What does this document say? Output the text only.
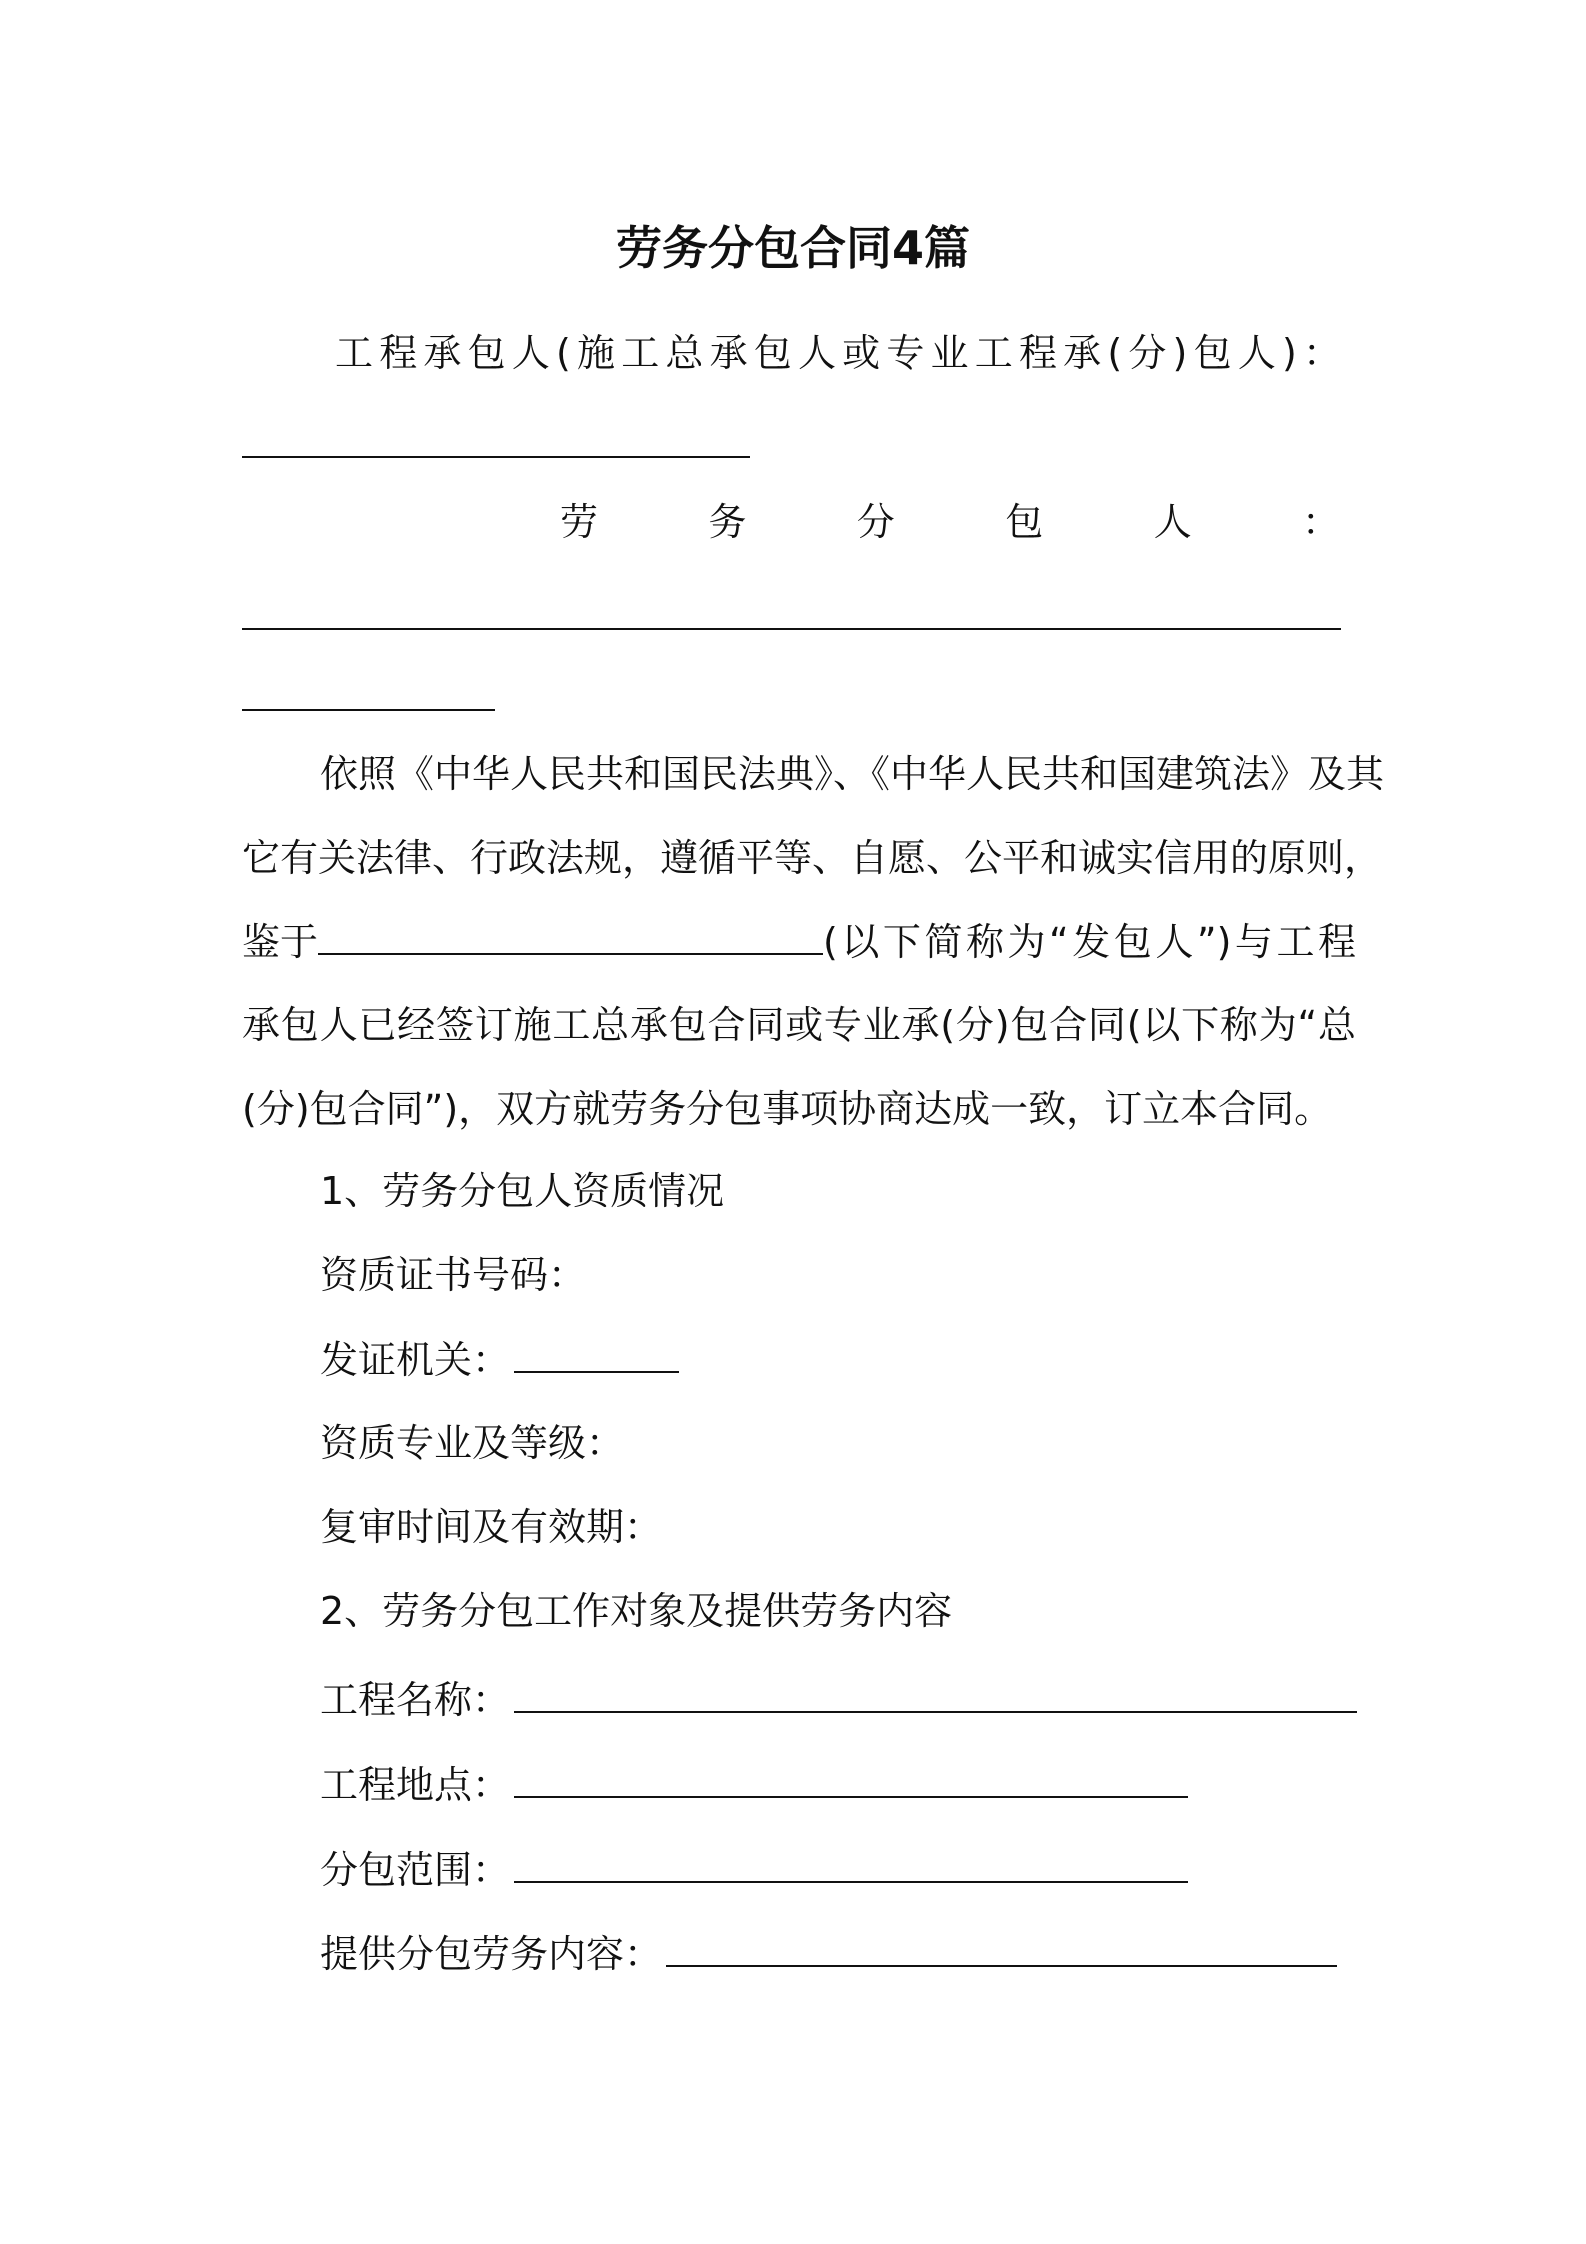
劳务分包合同4篇
工程承包人(施工总承包人或专业工程承(分)包人)：
劳务分包人：
依照《中华人民共和国民法典》、《中华人民共和国建筑法》及其
它有关法律、行政法规，遵循平等、自愿、公平和诚实信用的原则，
鉴于	(以下简称为“发包人”)与工程
承包人已经签订施工总承包合同或专业承(分)包合同(以下称为“总
(分)包合同”)，双方就劳务分包事项协商达成一致，订立本合同。
1、劳务分包人资质情况
资质证书号码：
发证机关：
资质专业及等级：
复审时间及有效期：
2、劳务分包工作对象及提供劳务内容
工程名称：
工程地点：
分包范围：
提供分包劳务内容：
